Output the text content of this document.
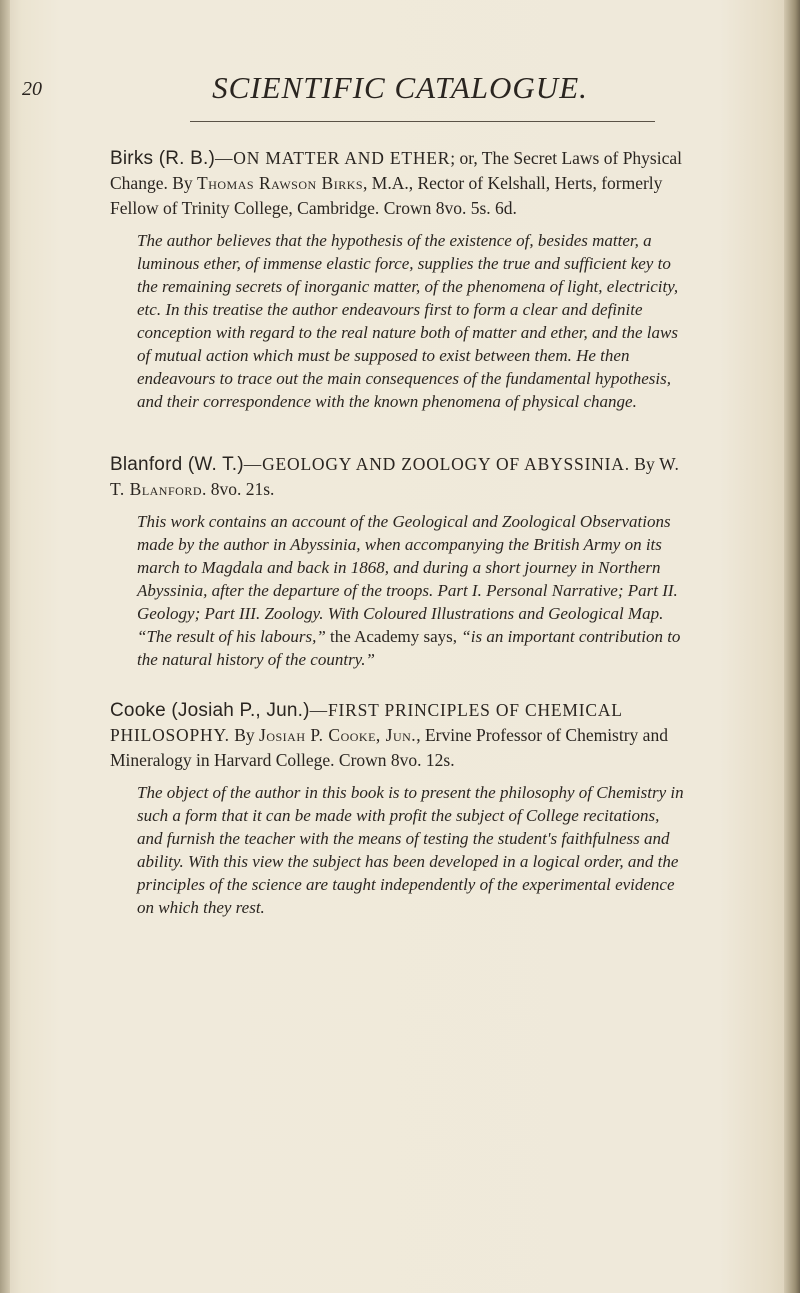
20	SCIENTIFIC CATALOGUE.

Birks (R. B.)—ON MATTER AND ETHER; or, The Secret Laws of Physical Change. By Thomas Rawson Birks, M.A., Rector of Kelshall, Herts, formerly Fellow of Trinity College, Cambridge. Crown 8vo. 5s. 6d.

The author believes that the hypothesis of the existence of, besides matter, a luminous ether, of immense elastic force, supplies the true and sufficient key to the remaining secrets of inorganic matter, of the phenomena of light, electricity, etc. In this treatise the author endeavours first to form a clear and definite conception with regard to the real nature both of matter and ether, and the laws of mutual action which must be supposed to exist between them. He then endeavours to trace out the main consequences of the fundamental hypothesis, and their correspondence with the known phenomena of physical change.

Blanford (W. T.)—GEOLOGY AND ZOOLOGY OF ABYSSINIA. By W. T. Blanford. 8vo. 21s.

This work contains an account of the Geological and Zoological Observations made by the author in Abyssinia, when accompanying the British Army on its march to Magdala and back in 1868, and during a short journey in Northern Abyssinia, after the departure of the troops. Part I. Personal Narrative; Part II. Geology; Part III. Zoology. With Coloured Illustrations and Geological Map. “The result of his labours,” the Academy says, “is an important contribution to the natural history of the country.”

Cooke (Josiah P., Jun.)—FIRST PRINCIPLES OF CHEMICAL PHILOSOPHY. By Josiah P. Cooke, Jun., Ervine Professor of Chemistry and Mineralogy in Harvard College. Crown 8vo. 12s.

The object of the author in this book is to present the philosophy of Chemistry in such a form that it can be made with profit the subject of College recitations, and furnish the teacher with the means of testing the student's faithfulness and ability. With this view the subject has been developed in a logical order, and the principles of the science are taught independently of the experimental evidence on which they rest.
